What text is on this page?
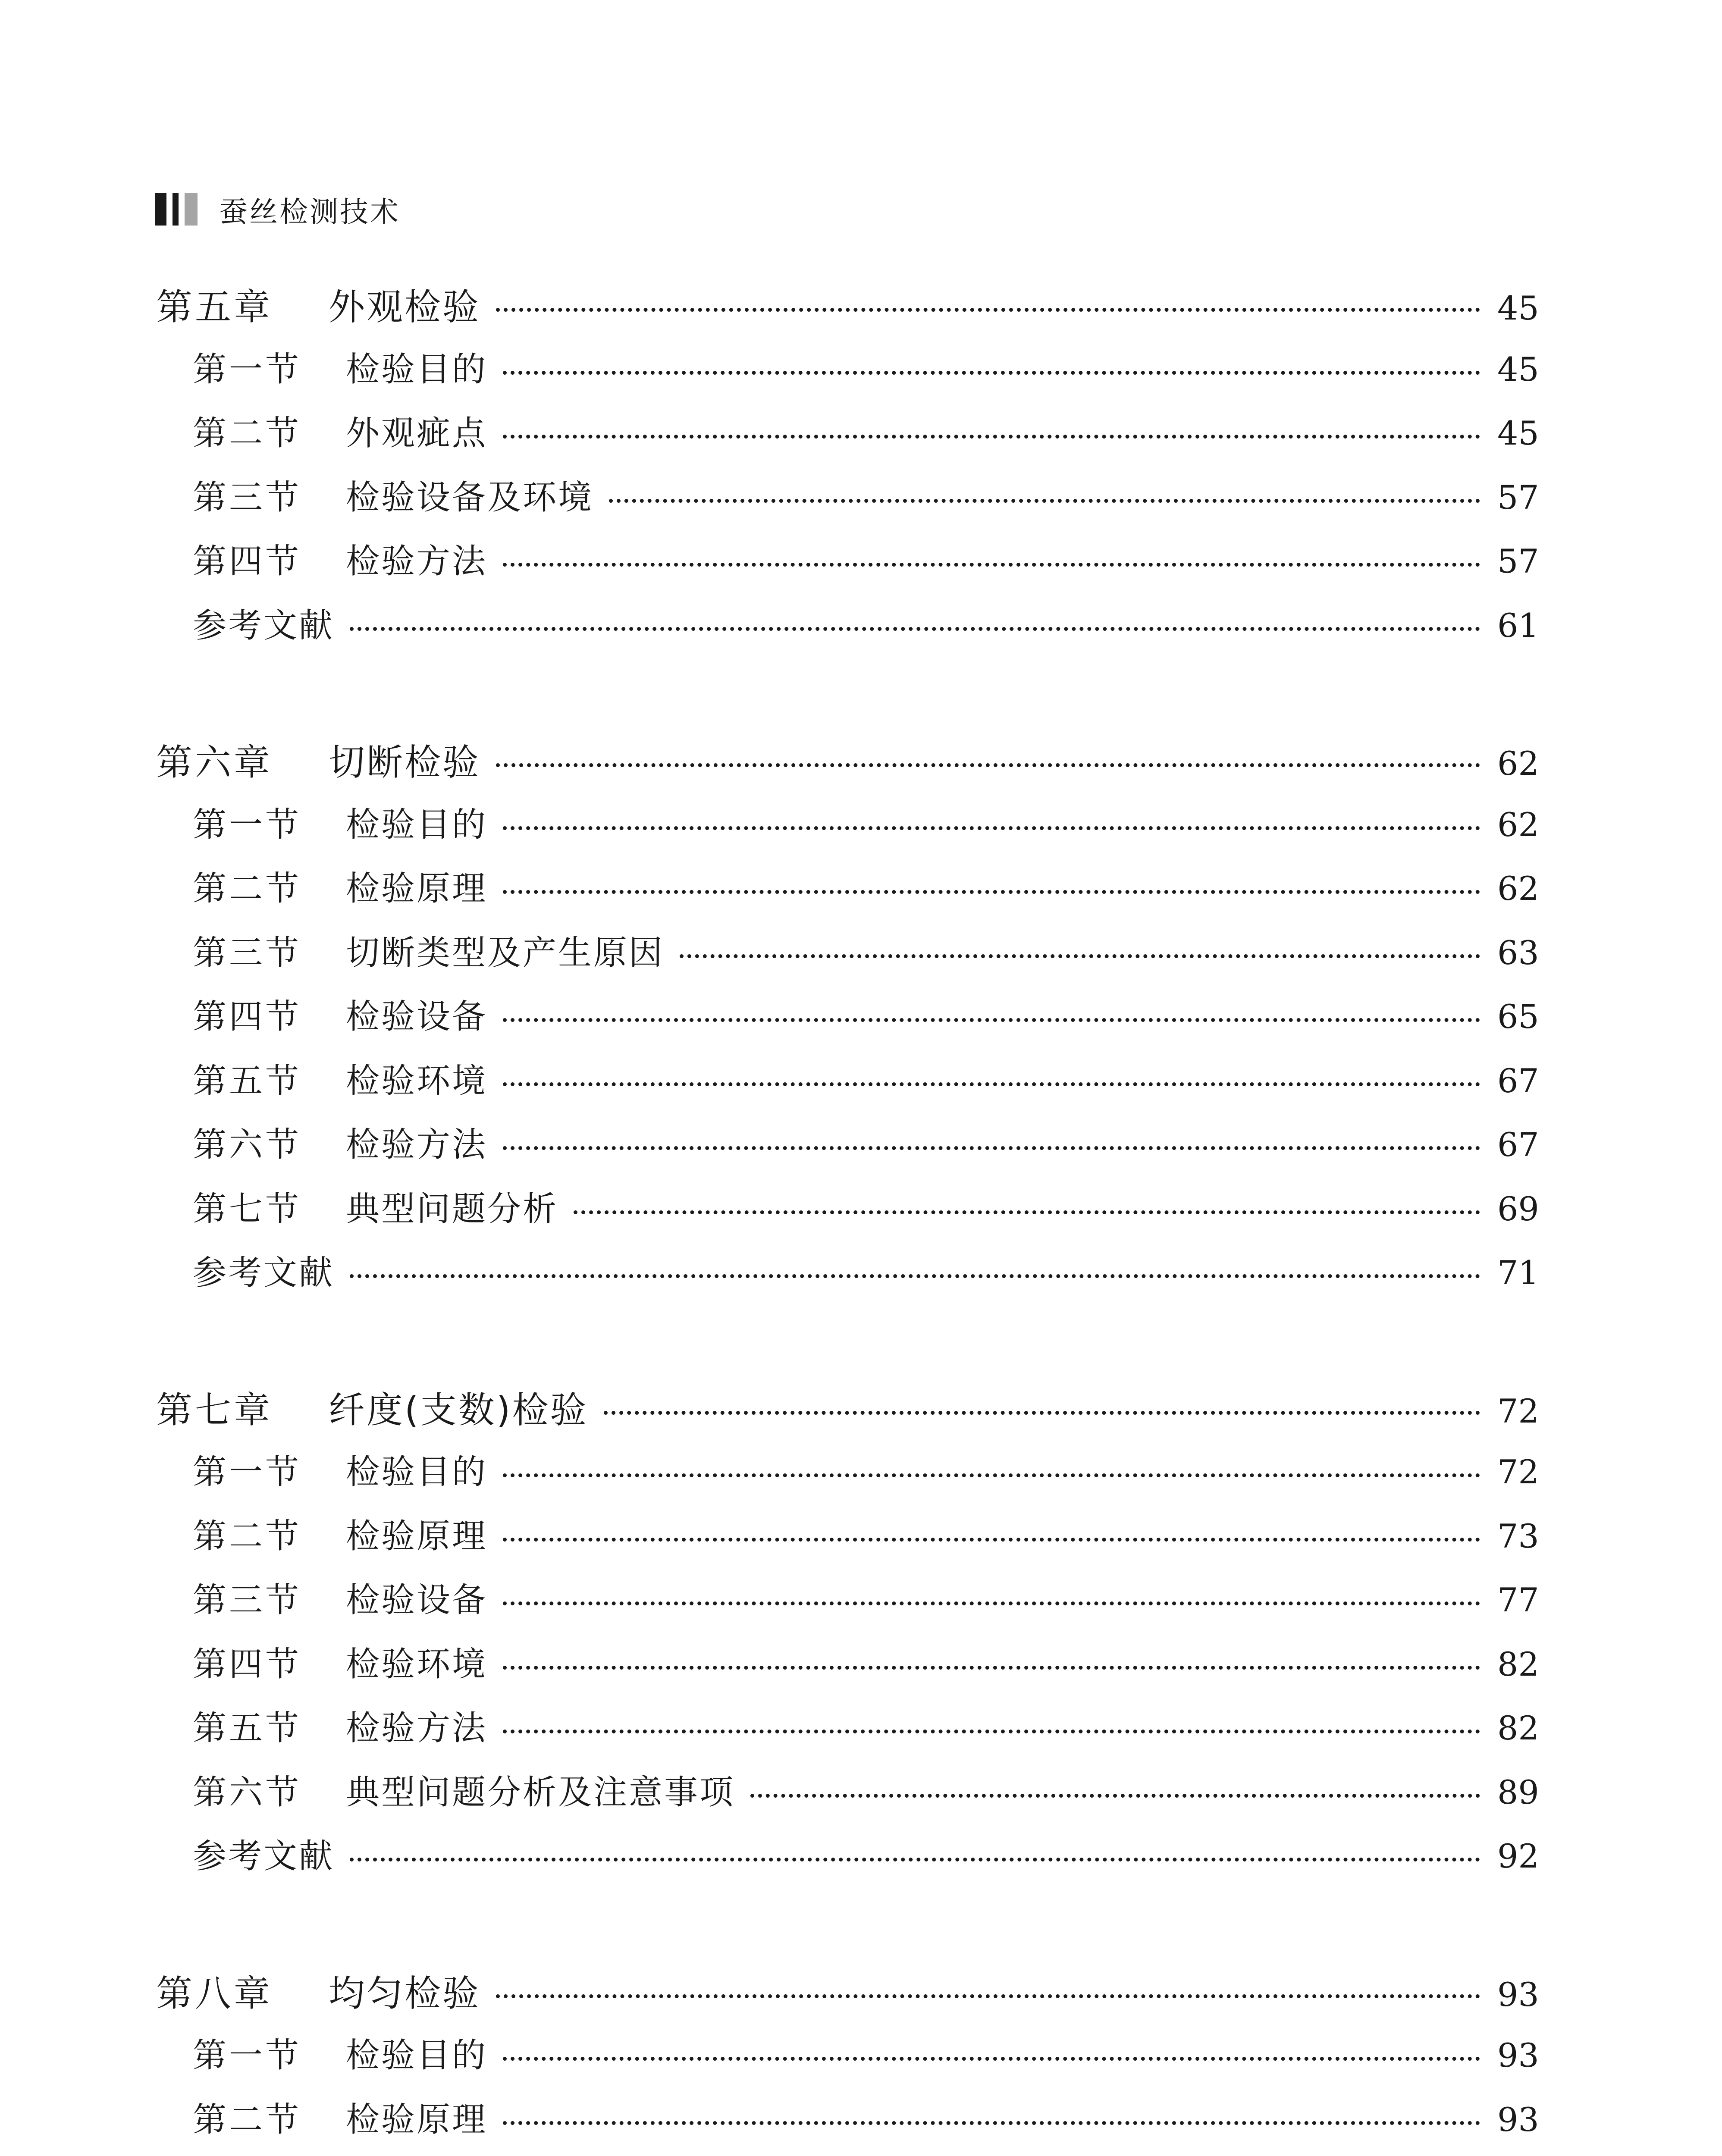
蚕丝检测技术
第五章	外观检验	45
第一节	检验目的	45
第二节	外观疵点	45
第三节	检验设备及环境	57
第四节	检验方法	57
参考文献	61
第六章	切断检验	62
第一节	检验目的	62
第二节	检验原理	62
第三节	切断类型及产生原因	63
第四节	检验设备	65
第五节	检验环境	67
第六节	检验方法	67
第七节	典型问题分析	69
参考文献	71
第七章	纤度(支数)检验	72
第一节	检验目的	72
第二节	检验原理	73
第三节	检验设备	77
第四节	检验环境	82
第五节	检验方法	82
第六节	典型问题分析及注意事项	89
参考文献	92
第八章	均匀检验	93
第一节	检验目的	93
第二节	检验原理	93
